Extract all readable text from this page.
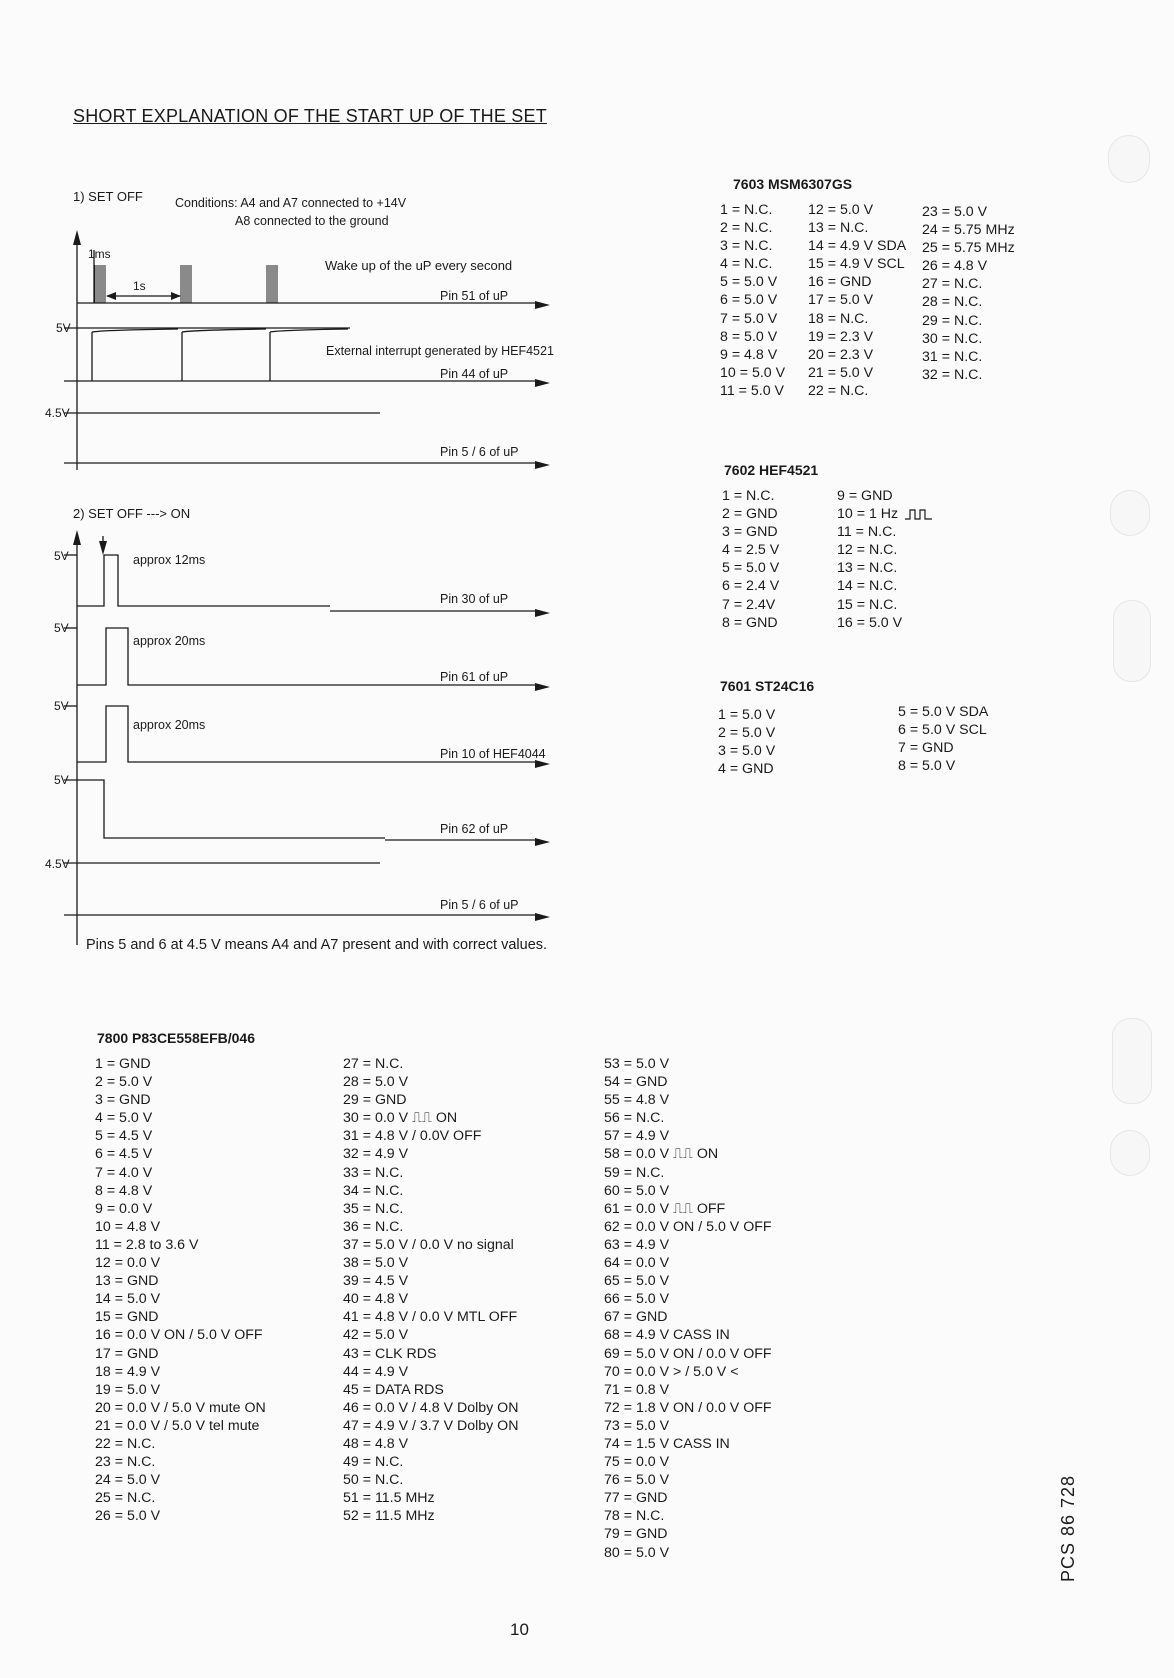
SHORT EXPLANATION OF THE START UP OF THE SET
1) SET OFF	Conditions: A4 and A7 connected to +14V
A8 connected to the ground
1ms
1s
Wake up of the uP every second
Pin 51 of uP
5V
External interrupt generated by HEF4521
Pin 44 of uP
4.5V
Pin 5 / 6 of uP
2) SET OFF ---> ON
5V	approx 12ms
Pin 30 of uP
5V
approx 20ms
Pin 61 of uP
5V
approx 20ms
Pin 10 of HEF4044
5V
Pin 62 of uP
4.5V
Pin 5 / 6 of uP
Pins 5 and 6 at 4.5 V means A4 and A7 present and with correct values.
7603 MSM6307GS
1 = N.C.
2 = N.C.
3 = N.C.
4 = N.C.
5 = 5.0 V
6 = 5.0 V
7 = 5.0 V
8 = 5.0 V
9 = 4.8 V
10 = 5.0 V
11 = 5.0 V
12 = 5.0 V
13 = N.C.
14 = 4.9 V SDA
15 = 4.9 V SCL
16 = GND
17 = 5.0 V
18 = N.C.
19 = 2.3 V
20 = 2.3 V
21 = 5.0 V
22 = N.C.
23 = 5.0 V
24 = 5.75 MHz
25 = 5.75 MHz
26 = 4.8 V
27 = N.C.
28 = N.C.
29 = N.C.
30 = N.C.
31 = N.C.
32 = N.C.
7602 HEF4521
1 = N.C.
2 = GND
3 = GND
4 = 2.5 V
5 = 5.0 V
6 = 2.4 V
7 = 2.4V
8 = GND
9 = GND
10 = 1 Hz
11 = N.C.
12 = N.C.
13 = N.C.
14 = N.C.
15 = N.C.
16 = 5.0 V
7601 ST24C16
1 = 5.0 V
2 = 5.0 V
3 = 5.0 V
4 = GND
5 = 5.0 V SDA
6 = 5.0 V SCL
7 = GND
8 = 5.0 V
7800 P83CE558EFB/046
1 = GND
2 = 5.0 V
3 = GND
4 = 5.0 V
5 = 4.5 V
6 = 4.5 V
7 = 4.0 V
8 = 4.8 V
9 = 0.0 V
10 = 4.8 V
11 = 2.8 to 3.6 V
12 = 0.0 V
13 = GND
14 = 5.0 V
15 = GND
16 = 0.0 V ON / 5.0 V OFF
17 = GND
18 = 4.9 V
19 = 5.0 V
20 = 0.0 V / 5.0 V mute ON
21 = 0.0 V / 5.0 V tel mute
22 = N.C.
23 = N.C.
24 = 5.0 V
25 = N.C.
26 = 5.0 V
27 = N.C.
28 = 5.0 V
29 = GND
30 = 0.0 V ⎍⎍ ON
31 = 4.8 V / 0.0V OFF
32 = 4.9 V
33 = N.C.
34 = N.C.
35 = N.C.
36 = N.C.
37 = 5.0 V / 0.0 V no signal
38 = 5.0 V
39 = 4.5 V
40 = 4.8 V
41 = 4.8 V / 0.0 V MTL OFF
42 = 5.0 V
43 = CLK RDS
44 = 4.9 V
45 = DATA RDS
46 = 0.0 V / 4.8 V Dolby ON
47 = 4.9 V / 3.7 V Dolby ON
48 = 4.8 V
49 = N.C.
50 = N.C.
51 = 11.5 MHz
52 = 11.5 MHz
53 = 5.0 V
54 = GND
55 = 4.8 V
56 = N.C.
57 = 4.9 V
58 = 0.0 V ⎍⎍ ON
59 = N.C.
60 = 5.0 V
61 = 0.0 V ⎍⎍ OFF
62 = 0.0 V ON / 5.0 V OFF
63 = 4.9 V
64 = 0.0 V
65 = 5.0 V
66 = 5.0 V
67 = GND
68 = 4.9 V CASS IN
69 = 5.0 V ON / 0.0 V OFF
70 = 0.0 V > / 5.0 V <
71 = 0.8 V
72 = 1.8 V ON / 0.0 V OFF
73 = 5.0 V
74 = 1.5 V CASS IN
75 = 0.0 V
76 = 5.0 V
77 = GND
78 = N.C.
79 = GND
80 = 5.0 V
10
PCS 86 728
